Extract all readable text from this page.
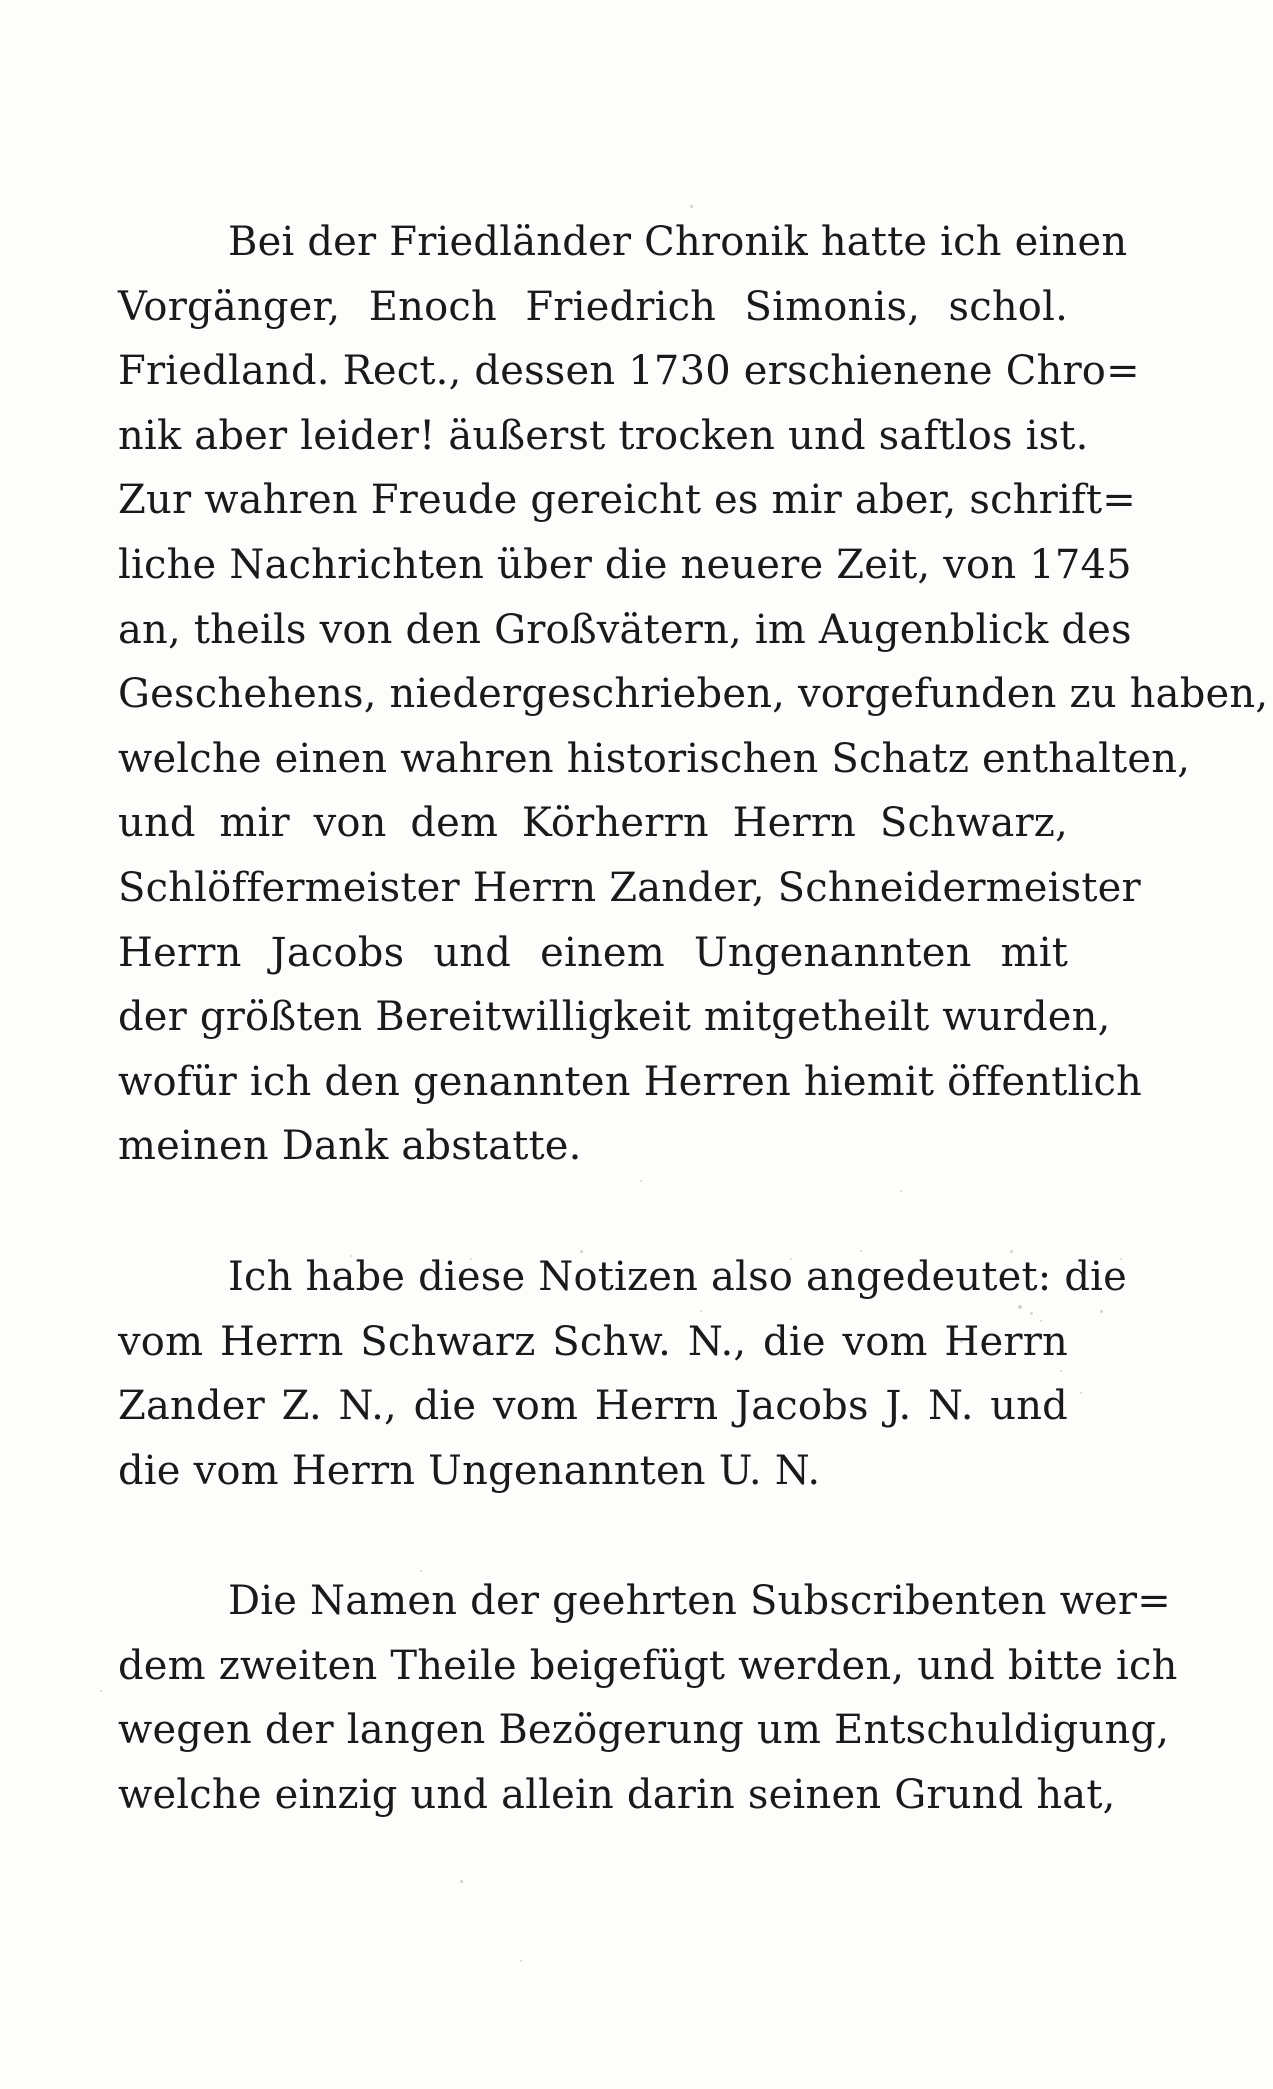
Bei der Friedländer Chronik hatte ich einen
Vorgänger, Enoch Friedrich Simonis, schol.
Friedland. Rect., dessen 1730 erschienene Chro=
nik aber leider! äußerst trocken und saftlos ist.
Zur wahren Freude gereicht es mir aber, schrift=
liche Nachrichten über die neuere Zeit, von 1745
an, theils von den Großvätern, im Augenblick des
Geschehens, niedergeschrieben, vorgefunden zu haben,
welche einen wahren historischen Schatz enthalten,
und mir von dem Körherrn Herrn Schwarz,
Schlöffermeister Herrn Zander, Schneidermeister
Herrn Jacobs und einem Ungenannten mit
der größten Bereitwilligkeit mitgetheilt wurden,
wofür ich den genannten Herren hiemit öffentlich
meinen Dank abstatte.
Ich habe diese Notizen also angedeutet: die
vom Herrn Schwarz Schw. N., die vom Herrn
Zander Z. N., die vom Herrn Jacobs J. N. und
die vom Herrn Ungenannten U. N.
Die Namen der geehrten Subscribenten wer=
dem zweiten Theile beigefügt werden, und bitte ich
wegen der langen Bezögerung um Entschuldigung,
welche einzig und allein darin seinen Grund hat,
